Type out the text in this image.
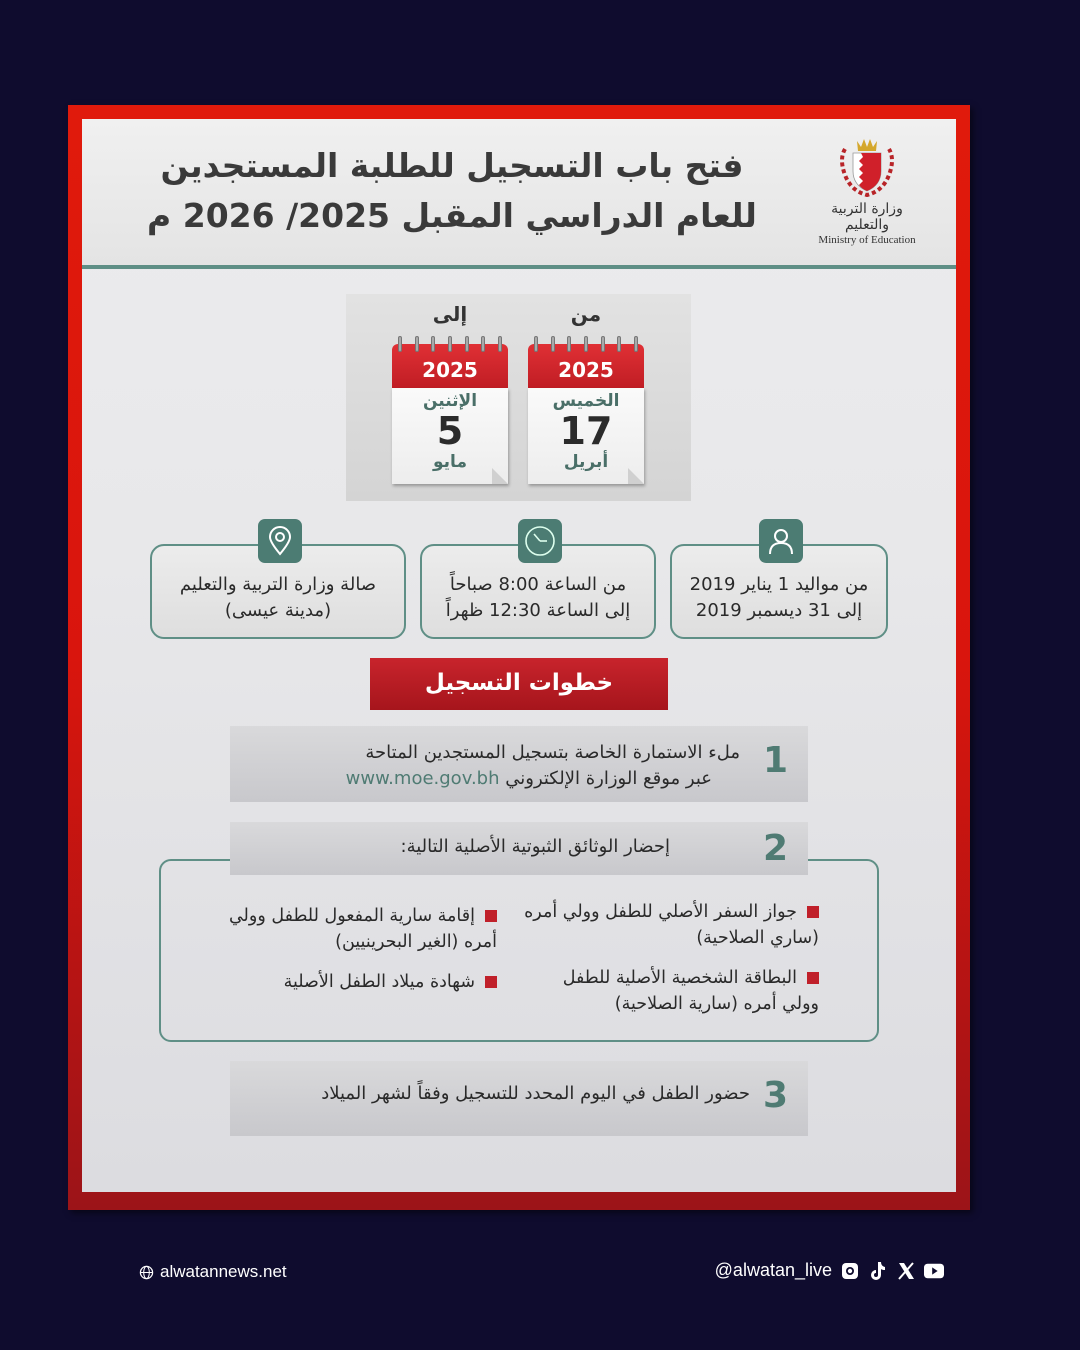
فتح باب التسجيل للطلبة المستجدين
للعام الدراسي المقبل 2025/ 2026 م	وزارة التربية والتعليم
Ministry of Education
من
إلى
2025
الخميس
17
أبريل
2025
الإثنين
5
مايو
من مواليد 1 يناير 2019
إلى 31 ديسمبر 2019
من الساعة 8:00 صباحاً
إلى الساعة 12:30 ظهراً
صالة وزارة التربية والتعليم
(مدينة عيسى)
خطوات التسجيل
1
ملء الاستمارة الخاصة بتسجيل المستجدين المتاحة
عبر موقع الوزارة الإلكتروني www.moe.gov.bh
جواز السفر الأصلي للطفل وولي أمره
(ساري الصلاحية)
البطاقة الشخصية الأصلية للطفل
وولي أمره (سارية الصلاحية)
إقامة سارية المفعول للطفل وولي
أمره (الغير البحرينيين)
شهادة ميلاد الطفل الأصلية
2
إحضار الوثائق الثبوتية الأصلية التالية:
3
حضور الطفل في اليوم المحدد للتسجيل وفقاً لشهر الميلاد
alwatannews.net	@alwatan_live
